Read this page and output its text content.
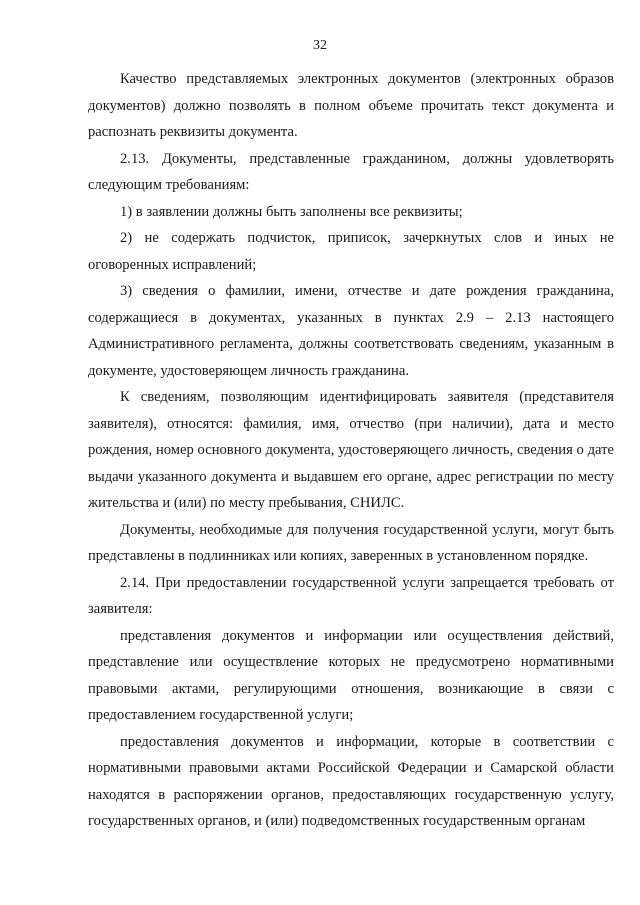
32

Качество представляемых электронных документов (электронных образов документов) должно позволять в полном объеме прочитать текст документа и распознать реквизиты документа.

2.13. Документы, представленные гражданином, должны удовлетворять следующим требованиям:

1) в заявлении должны быть заполнены все реквизиты;

2) не содержать подчисток, приписок, зачеркнутых слов и иных не оговоренных исправлений;

3) сведения о фамилии, имени, отчестве и дате рождения гражданина, содержащиеся в документах, указанных в пунктах 2.9 – 2.13 настоящего Административного регламента, должны соответствовать сведениям, указанным в документе, удостоверяющем личность гражданина.

К сведениям, позволяющим идентифицировать заявителя (представителя заявителя), относятся: фамилия, имя, отчество (при наличии), дата и место рождения, номер основного документа, удостоверяющего личность, сведения о дате выдачи указанного документа и выдавшем его органе, адрес регистрации по месту жительства и (или) по месту пребывания, СНИЛС.

Документы, необходимые для получения государственной услуги, могут быть представлены в подлинниках или копиях, заверенных в установленном порядке.

2.14. При предоставлении государственной услуги запрещается требовать от заявителя:

представления документов и информации или осуществления действий, представление или осуществление которых не предусмотрено нормативными правовыми актами, регулирующими отношения, возникающие в связи с предоставлением государственной услуги;

предоставления документов и информации, которые в соответствии с нормативными правовыми актами Российской Федерации и Самарской области находятся в распоряжении органов, предоставляющих государственную услугу, государственных органов, и (или) подведомственных государственным органам
